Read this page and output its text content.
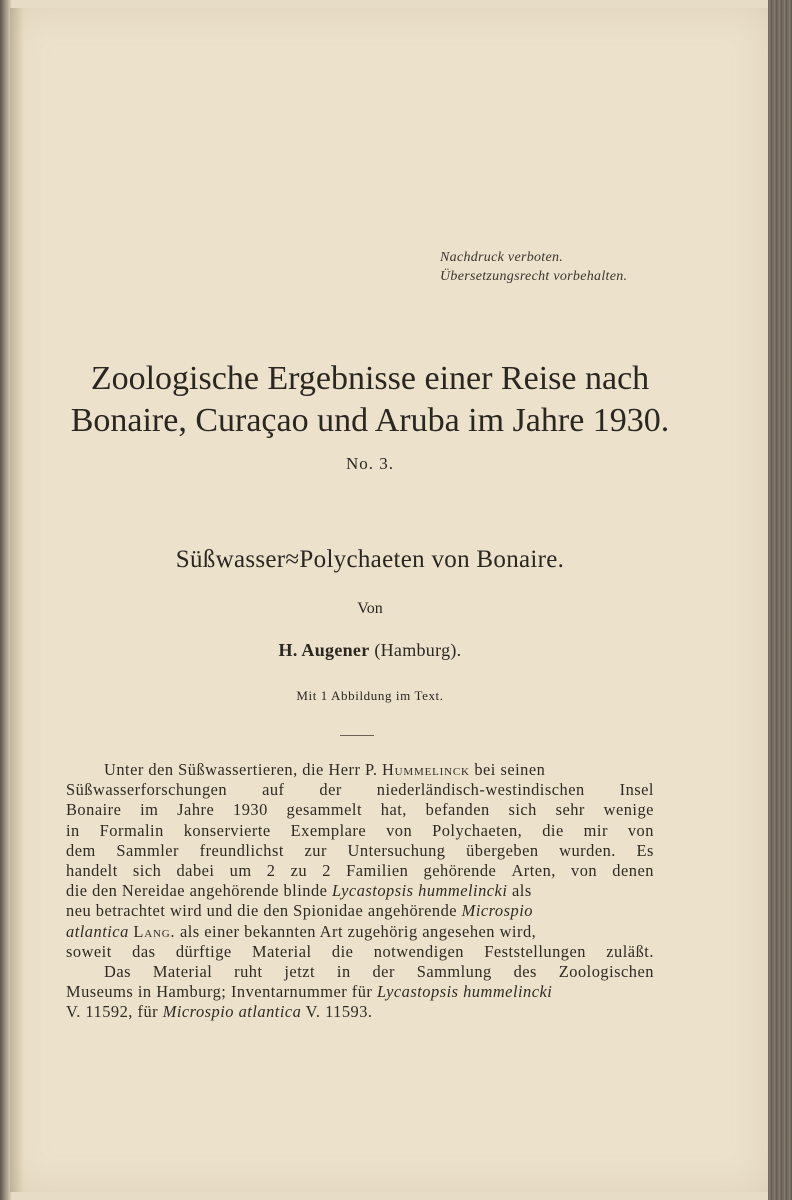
Nachdruck verboten.
Übersetzungsrecht vorbehalten.
Zoologische Ergebnisse einer Reise nach
Bonaire, Curaçao und Aruba im Jahre 1930.
No. 3.
Süßwasser≈Polychaeten von Bonaire.
Von
H. Augener (Hamburg).
Mit 1 Abbildung im Text.
Unter den Süßwassertieren, die Herr P. Hummelinck bei seinen
Süßwasserforschungen auf der niederländisch-westindischen Insel
Bonaire im Jahre 1930 gesammelt hat, befanden sich sehr wenige
in Formalin konservierte Exemplare von Polychaeten, die mir von
dem Sammler freundlichst zur Untersuchung übergeben wurden. Es
handelt sich dabei um 2 zu 2 Familien gehörende Arten, von denen
die den Nereidae angehörende blinde Lycastopsis hummelincki als
neu betrachtet wird und die den Spionidae angehörende Microspio
atlantica
Lang. als einer bekannten Art zugehörig angesehen wird,
soweit das dürftige Material die notwendigen Feststellungen zuläßt.
Das Material ruht jetzt in der Sammlung des Zoologischen
Museums in Hamburg; Inventarnummer für Lycastopsis hummelincki
V. 11592, für Microspio atlantica V. 11593.
